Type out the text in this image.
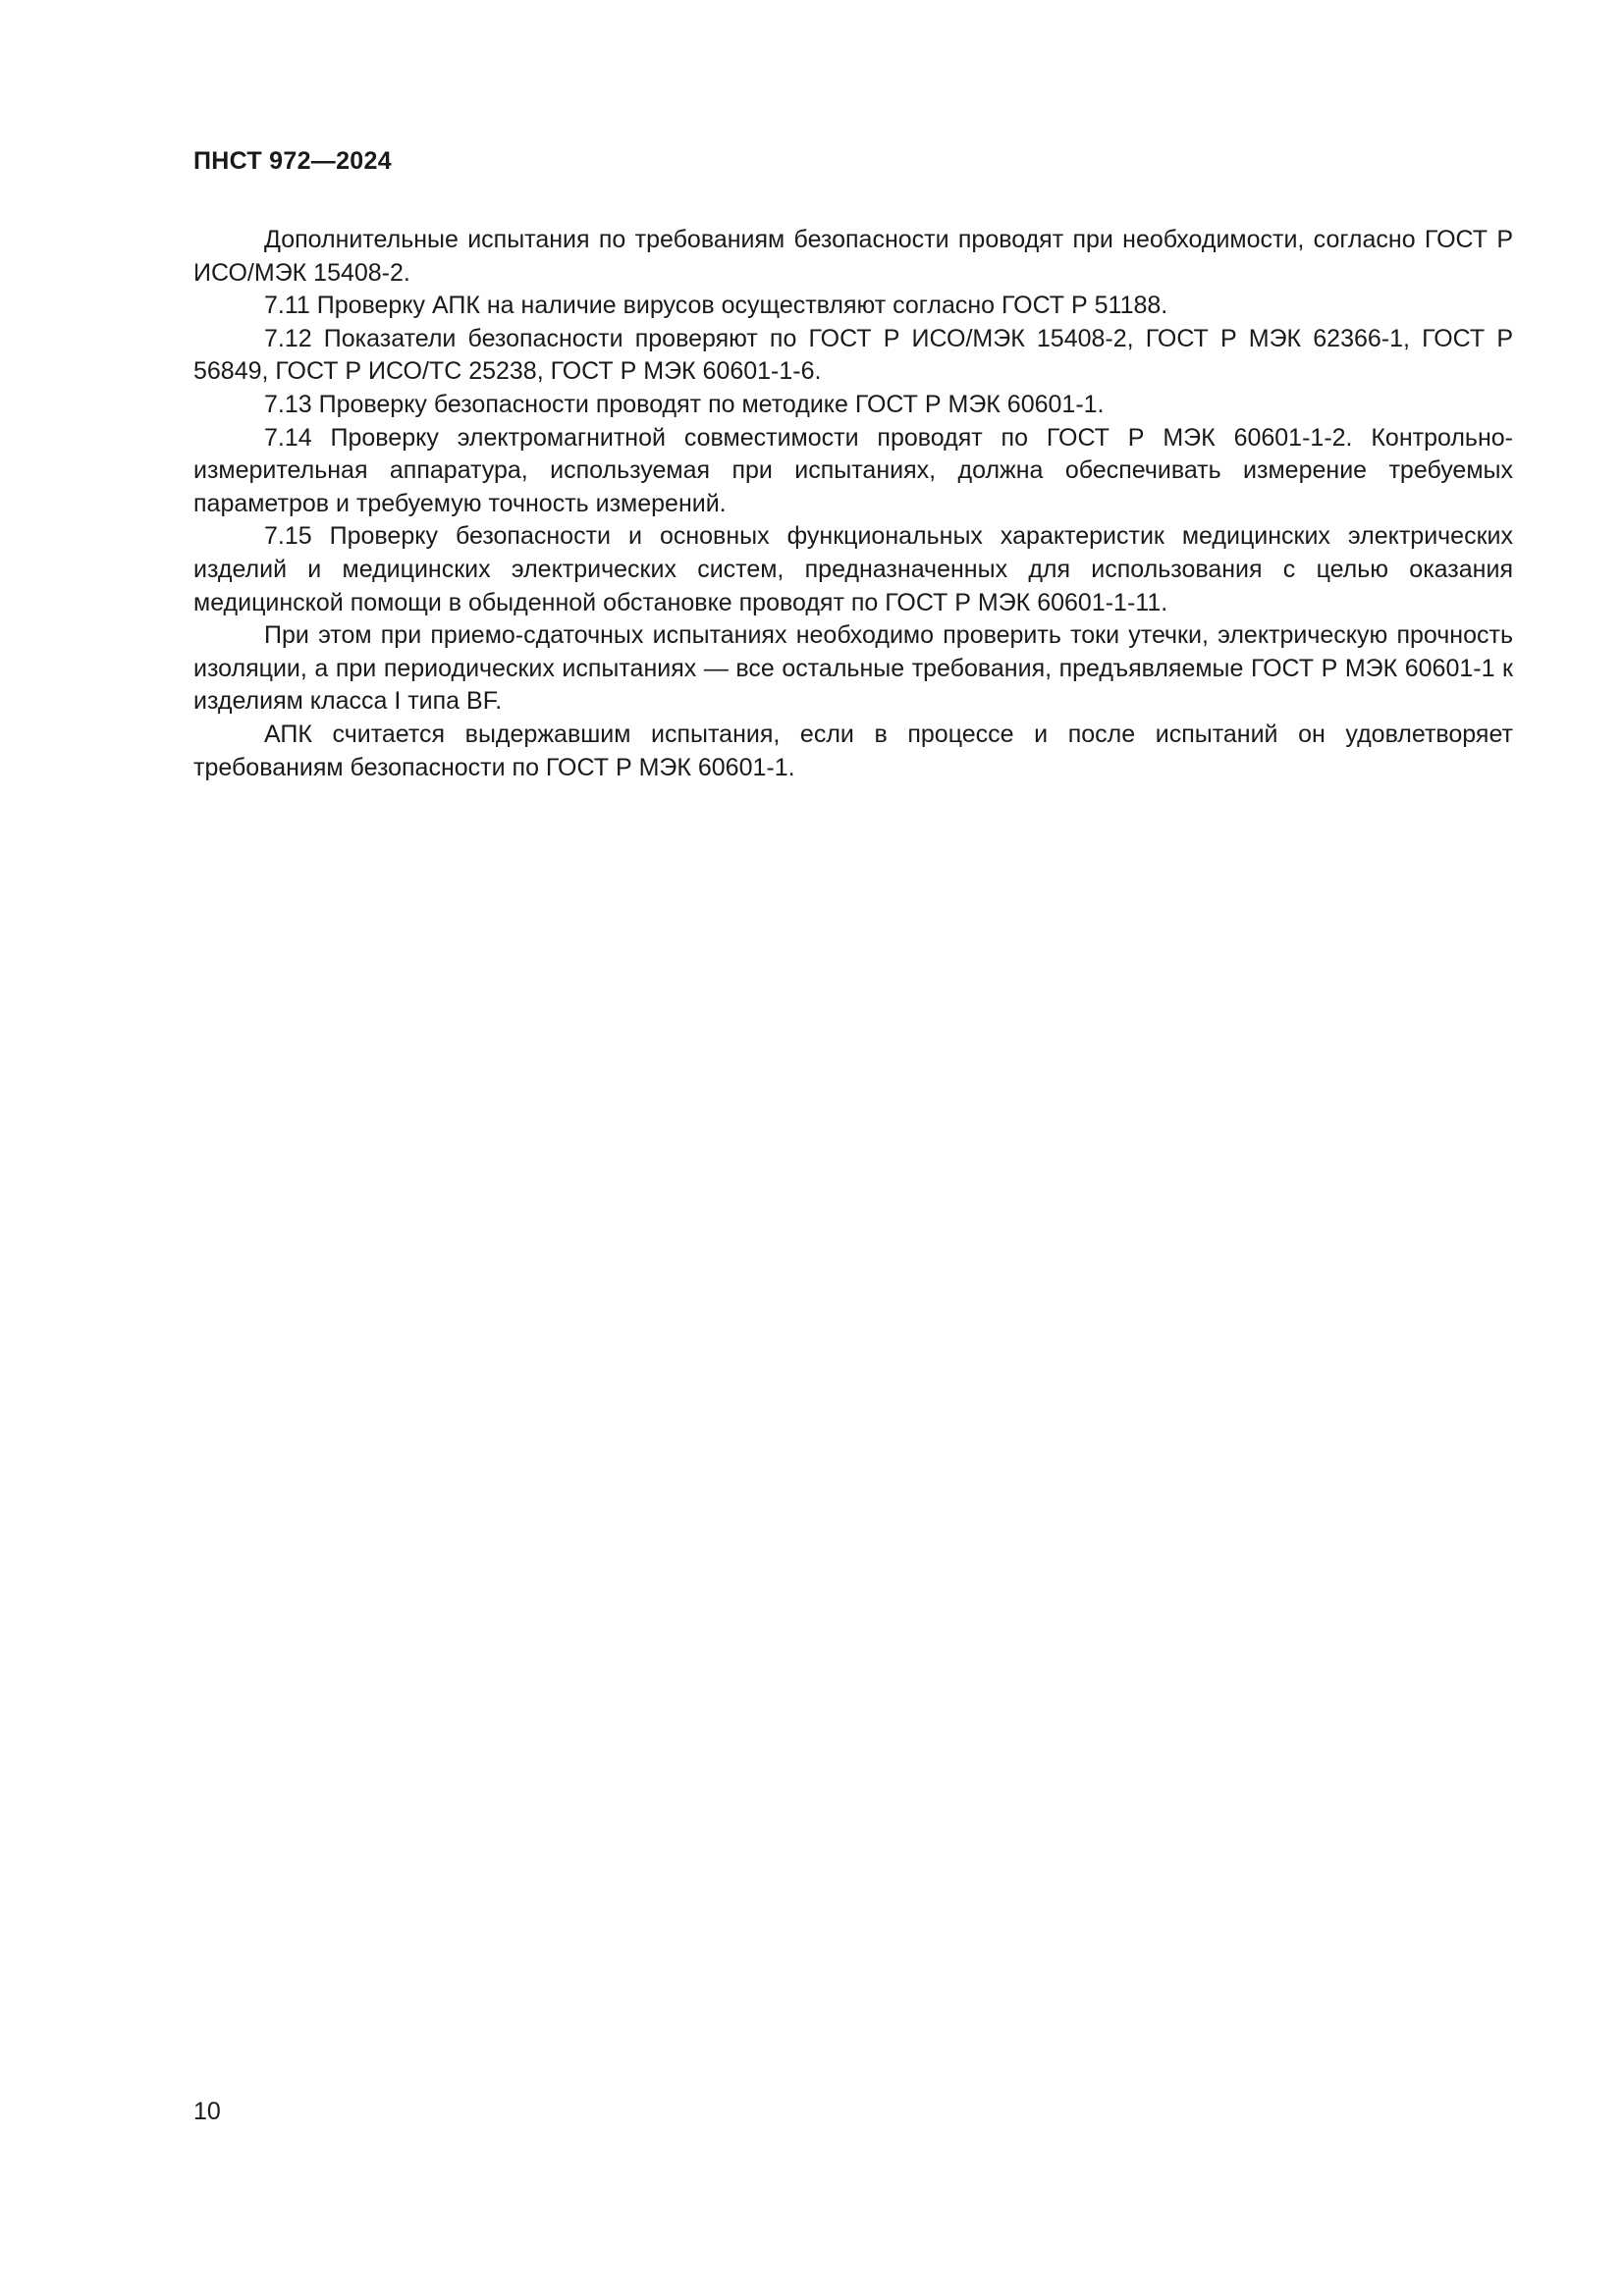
ПНСТ 972—2024

Дополнительные испытания по требованиям безопасности проводят при необходимости, согласно ГОСТ Р ИСО/МЭК 15408-2.

7.11 Проверку АПК на наличие вирусов осуществляют согласно ГОСТ Р 51188.

7.12 Показатели безопасности проверяют по ГОСТ Р ИСО/МЭК 15408-2, ГОСТ Р МЭК 62366-1, ГОСТ Р 56849, ГОСТ Р ИСО/ТС 25238, ГОСТ Р МЭК 60601-1-6.

7.13 Проверку безопасности проводят по методике ГОСТ Р МЭК 60601-1.

7.14 Проверку электромагнитной совместимости проводят по ГОСТ Р МЭК 60601-1-2. Контрольно-измерительная аппаратура, используемая при испытаниях, должна обеспечивать измерение требуемых параметров и требуемую точность измерений.

7.15 Проверку безопасности и основных функциональных характеристик медицинских электрических изделий и медицинских электрических систем, предназначенных для использования с целью оказания медицинской помощи в обыденной обстановке проводят по ГОСТ Р МЭК 60601-1-11.

При этом при приемо-сдаточных испытаниях необходимо проверить токи утечки, электрическую прочность изоляции, а при периодических испытаниях — все остальные требования, предъявляемые ГОСТ Р МЭК 60601-1 к изделиям класса I типа BF.

АПК считается выдержавшим испытания, если в процессе и после испытаний он удовлетворяет требованиям безопасности по ГОСТ Р МЭК 60601-1.

10
